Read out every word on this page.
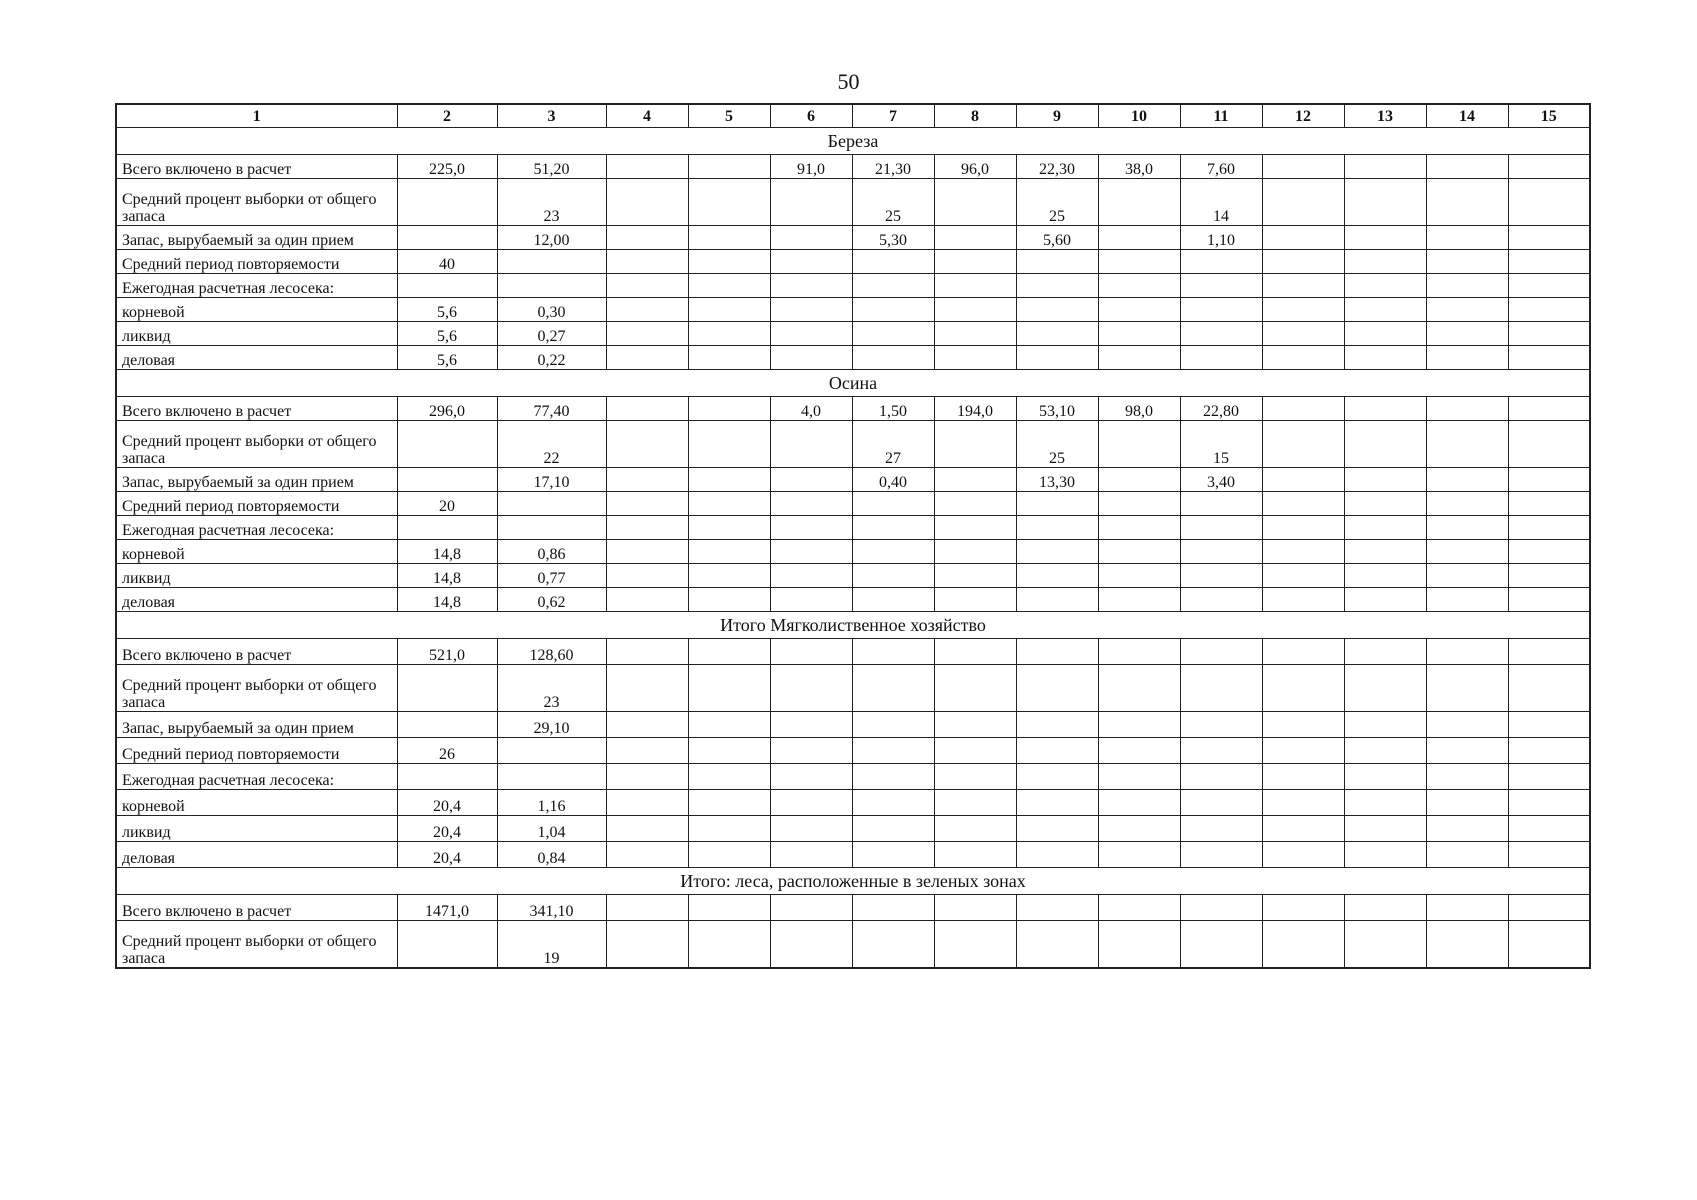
50
1	2	3	4	5	6	7	8	9	10	11	12	13	14	15
Береза														
Всего включено в расчет	225,0	51,20			91,0	21,30	96,0	22,30	38,0	7,60				
Средний процент выборки от общего запаса		23				25		25		14				
Запас, вырубаемый за один прием		12,00				5,30		5,60		1,10				
Средний период повторяемости	40													
Ежегодная расчетная лесосека:														
корневой	5,6	0,30												
ликвид	5,6	0,27												
деловая	5,6	0,22												
Осина														
Всего включено в расчет	296,0	77,40			4,0	1,50	194,0	53,10	98,0	22,80				
Средний процент выборки от общего запаса		22				27		25		15				
Запас, вырубаемый за один прием		17,10				0,40		13,30		3,40				
Средний период повторяемости	20													
Ежегодная расчетная лесосека:														
корневой	14,8	0,86												
ликвид	14,8	0,77												
деловая	14,8	0,62												
Итого Мягколиственное хозяйство														
Всего включено в расчет	521,0	128,60												
Средний процент выборки от общего запаса		23												
Запас, вырубаемый за один прием		29,10												
Средний период повторяемости	26													
Ежегодная расчетная лесосека:														
корневой	20,4	1,16												
ликвид	20,4	1,04												
деловая	20,4	0,84												
Итого: леса, расположенные в зеленых зонах														
Всего включено в расчет	1471,0	341,10												
Средний процент выборки от общего запаса		19												
